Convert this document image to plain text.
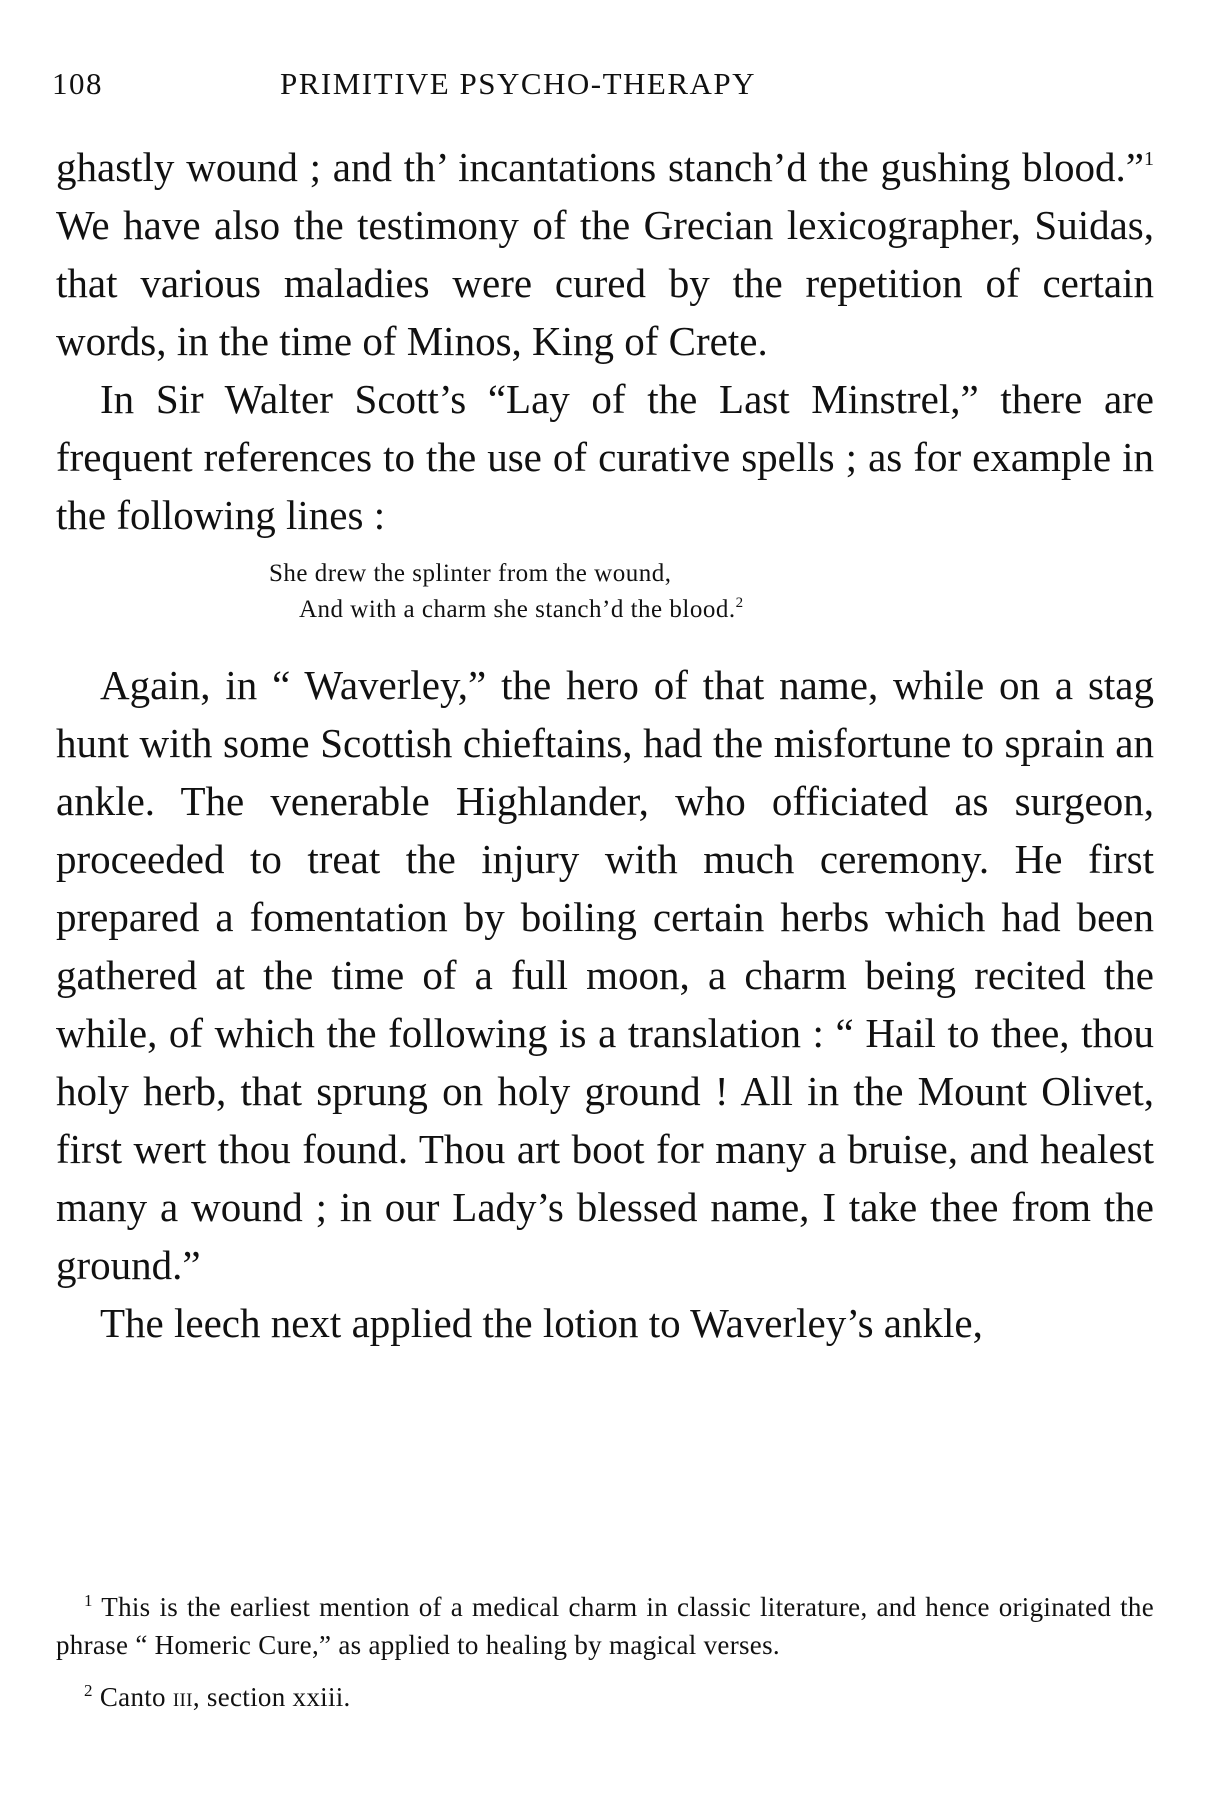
108	PRIMITIVE PSYCHO-THERAPY

ghastly wound ; and th’ incantations stanch’d the gushing blood.”$^1$ We have also the testimony of the Grecian lexicographer, Suidas, that various maladies were cured by the repetition of certain words, in the time of Minos, King of Crete.

In Sir Walter Scott’s “Lay of the Last Minstrel,” there are frequent references to the use of curative spells ; as for example in the following lines :

She drew the splinter from the wound,
And with a charm she stanch’d the blood.$^2$

Again, in “ Waverley,” the hero of that name, while on a stag hunt with some Scottish chieftains, had the misfortune to sprain an ankle. The venerable Highlander, who officiated as surgeon, proceeded to treat the injury with much ceremony. He first prepared a fomentation by boiling certain herbs which had been gathered at the time of a full moon, a charm being recited the while, of which the following is a translation : “ Hail to thee, thou holy herb, that sprung on holy ground ! All in the Mount Olivet, first wert thou found. Thou art boot for many a bruise, and healest many a wound ; in our Lady’s blessed name, I take thee from the ground.”

The leech next applied the lotion to Waverley’s ankle,

$^1$ This is the earliest mention of a medical charm in classic literature, and hence originated the phrase “ Homeric Cure,” as applied to healing by magical verses.

$^2$ Canto iii, section xxiii.
